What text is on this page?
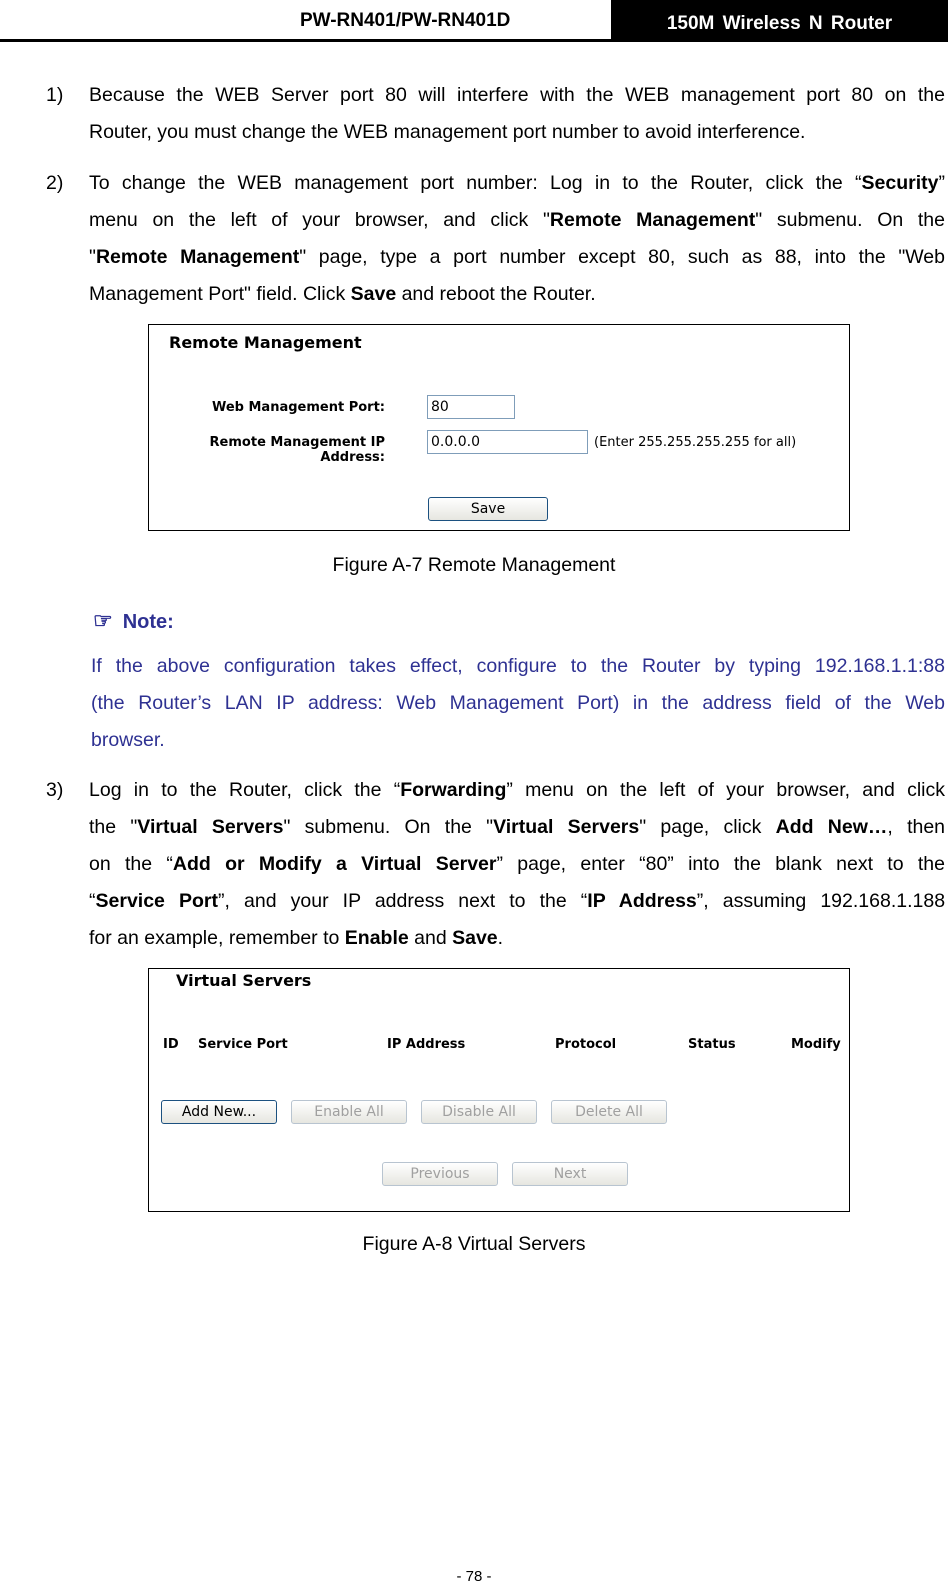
PW-RN401/PW-RN401D	150M Wireless N Router
1) Because the WEB Server port 80 will interfere with the WEB management port 80 on the
Router, you must change the WEB management port number to avoid interference.
2) To change the WEB management port number: Log in to the Router, click the “Security”
menu on the left of your browser, and click "Remote Management" submenu. On the
"Remote Management" page, type a port number except 80, such as 88, into the "Web
Management Port" field. Click Save and reboot the Router.
Remote Management
Web Management Port:	80
Remote Management IP Address:
0.0.0.0	(Enter 255.255.255.255 for all)
Save
Figure A-7 Remote Management
☞ Note:
If the above configuration takes effect, configure to the Router by typing 192.168.1.1:88
(the Router’s LAN IP address: Web Management Port) in the address field of the Web
browser.
3) Log in to the Router, click the “Forwarding” menu on the left of your browser, and click
the "Virtual Servers" submenu. On the "Virtual Servers" page, click Add New…, then
on the “Add or Modify a Virtual Server” page, enter “80” into the blank next to the
“Service Port”, and your IP address next to the “IP Address”, assuming 192.168.1.188
for an example, remember to Enable and Save.
Virtual Servers
ID Service Port	IP Address	Protocol	Status	Modify
Add New...	Enable All	Disable All	Delete All
Previous	Next
Figure A-8 Virtual Servers
- 78 -
